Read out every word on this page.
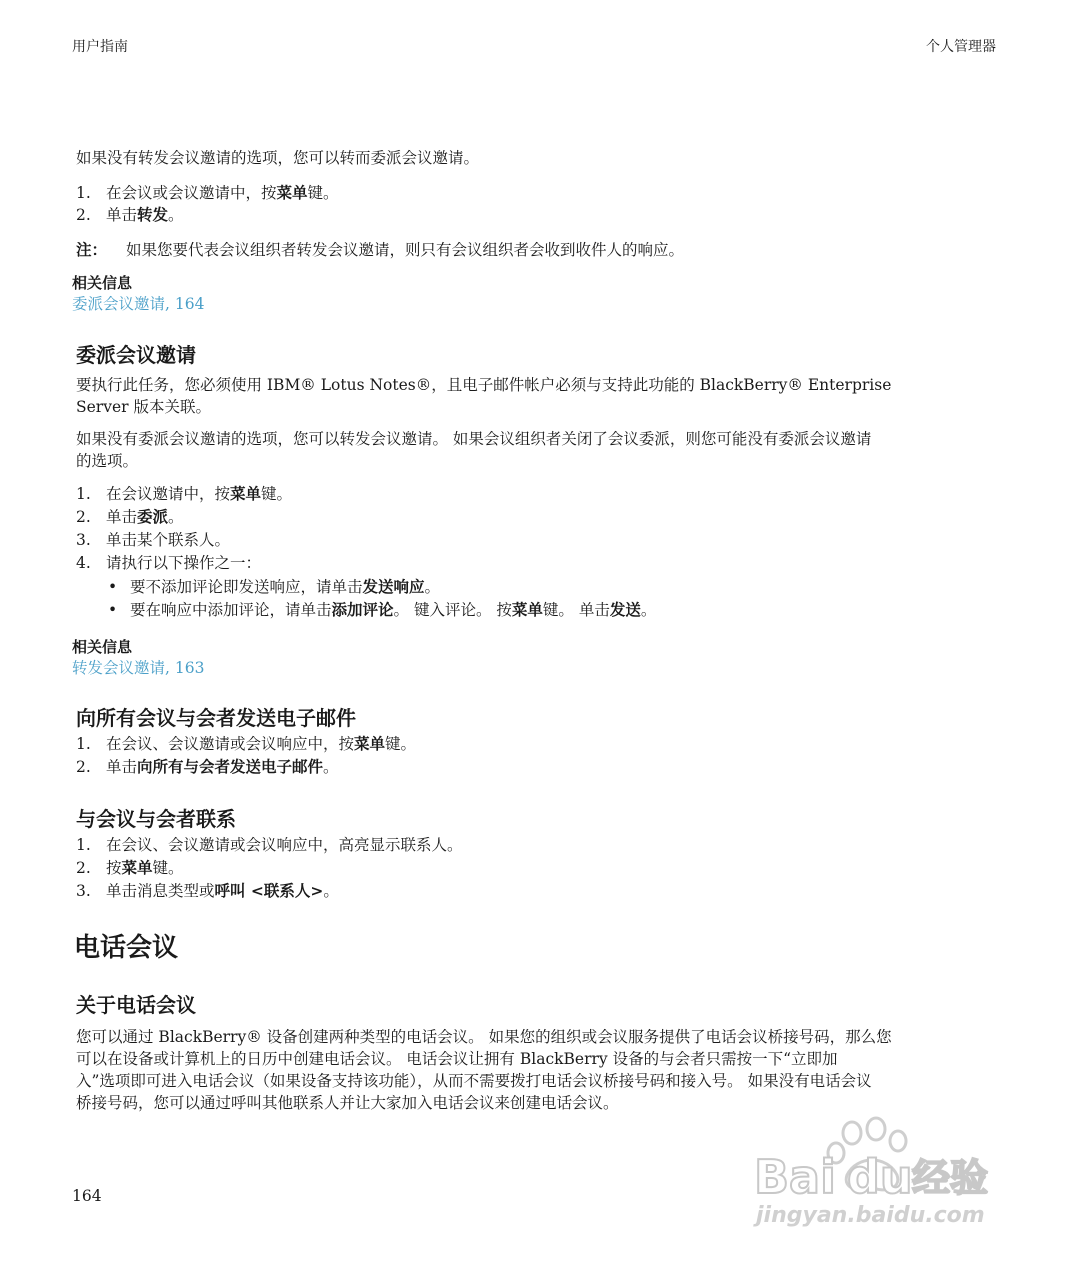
用户指南	个人管理器
如果没有转发会议邀请的选项，您可以转而委派会议邀请。
1. 在会议或会议邀请中，按菜单键。
2. 单击转发。
注： 如果您要代表会议组织者转发会议邀请，则只有会议组织者会收到收件人的响应。
相关信息
委派会议邀请, 164
委派会议邀请
要执行此任务，您必须使用 IBM® Lotus Notes®，且电子邮件帐户必须与支持此功能的 BlackBerry® Enterprise
Server 版本关联。
如果没有委派会议邀请的选项，您可以转发会议邀请。 如果会议组织者关闭了会议委派，则您可能没有委派会议邀请
的选项。
1. 在会议邀请中，按菜单键。
2. 单击委派。
3. 单击某个联系人。
4. 请执行以下操作之一：
• 要不添加评论即发送响应，请单击发送响应。
• 要在响应中添加评论，请单击添加评论。 键入评论。 按菜单键。 单击发送。
相关信息
转发会议邀请, 163
向所有会议与会者发送电子邮件
1. 在会议、会议邀请或会议响应中，按菜单键。
2. 单击向所有与会者发送电子邮件。
与会议与会者联系
1. 在会议、会议邀请或会议响应中，高亮显示联系人。
2. 按菜单键。
3. 单击消息类型或呼叫 <联系人>。
电话会议
关于电话会议
您可以通过 BlackBerry® 设备创建两种类型的电话会议。 如果您的组织或会议服务提供了电话会议桥接号码，那么您
可以在设备或计算机上的日历中创建电话会议。 电话会议让拥有 BlackBerry 设备的与会者只需按一下“立即加
入”选项即可进入电话会议（如果设备支持该功能），从而不需要拨打电话会议桥接号码和接入号。 如果没有电话会议
桥接号码，您可以通过呼叫其他联系人并让大家加入电话会议来创建电话会议。
164	Bai du 经验
jingyan.baidu.com
